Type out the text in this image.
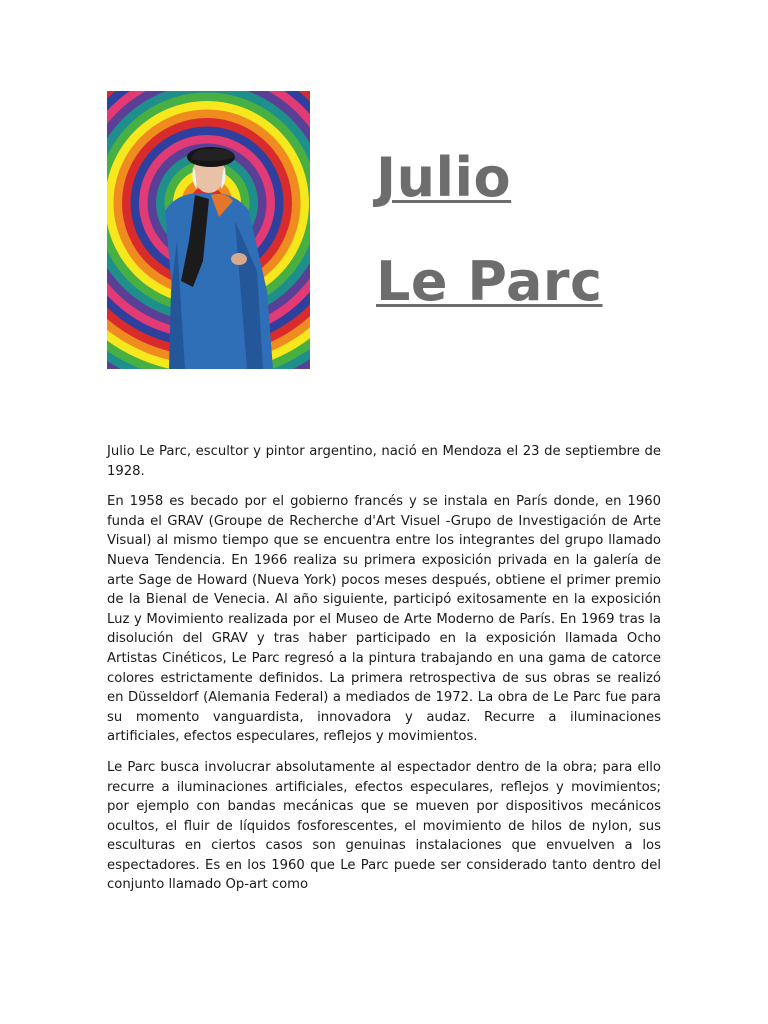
Julio
Le Parc

Julio Le Parc, escultor y pintor argentino, nació en Mendoza el 23 de septiembre de 1928.

En 1958 es becado por el gobierno francés y se instala en París donde, en 1960 funda el GRAV (Groupe de Recherche d'Art Visuel -Grupo de Investigación de Arte Visual) al mismo tiempo que se encuentra entre los integrantes del grupo llamado Nueva Tendencia. En 1966 realiza su primera exposición privada en la galería de arte Sage de Howard (Nueva York) pocos meses después, obtiene el primer premio de la Bienal de Venecia. Al año siguiente, participó exitosamente en la exposición Luz y Movimiento realizada por el Museo de Arte Moderno de París. En 1969 tras la disolución del GRAV y tras haber participado en la exposición llamada Ocho Artistas Cinéticos, Le Parc regresó a la pintura trabajando en una gama de catorce colores estrictamente definidos. La primera retrospectiva de sus obras se realizó en Düsseldorf (Alemania Federal) a mediados de 1972. La obra de Le Parc fue para su momento vanguardista, innovadora y audaz. Recurre a iluminaciones artificiales, efectos especulares, reflejos y movimientos.

Le Parc busca involucrar absolutamente al espectador dentro de la obra; para ello recurre a iluminaciones artificiales, efectos especulares, reflejos y movimientos; por ejemplo con bandas mecánicas que se mueven por dispositivos mecánicos ocultos, el fluir de líquidos fosforescentes, el movimiento de hilos de nylon, sus esculturas en ciertos casos son genuinas instalaciones que envuelven a los espectadores. Es en los 1960 que Le Parc puede ser considerado tanto dentro del conjunto llamado Op-art como
